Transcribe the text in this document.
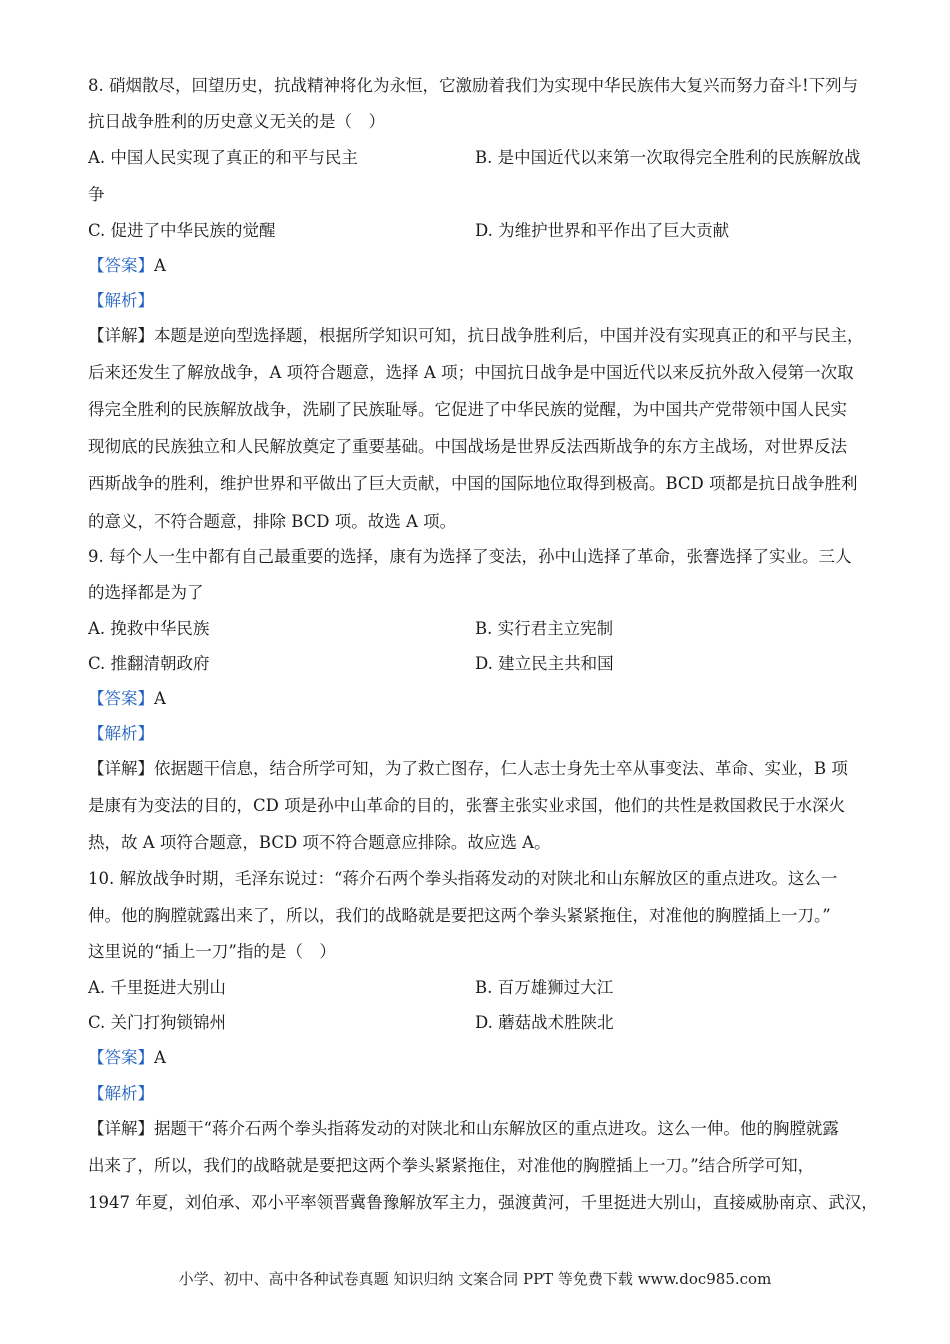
8. 硝烟散尽，回望历史，抗战精神将化为永恒，它激励着我们为实现中华民族伟大复兴而努力奋斗!下列与
抗日战争胜利的历史意义无关的是（　）
A. 中国人民实现了真正的和平与民主	B. 是中国近代以来第一次取得完全胜利的民族解放战
争
C. 促进了中华民族的觉醒	D. 为维护世界和平作出了巨大贡献
【答案】A
【解析】
【详解】本题是逆向型选择题，根据所学知识可知，抗日战争胜利后，中国并没有实现真正的和平与民主，
后来还发生了解放战争，A 项符合题意，选择 A 项；中国抗日战争是中国近代以来反抗外敌入侵第一次取
得完全胜利的民族解放战争，洗刷了民族耻辱。它促进了中华民族的觉醒，为中国共产党带领中国人民实
现彻底的民族独立和人民解放奠定了重要基础。中国战场是世界反法西斯战争的东方主战场，对世界反法
西斯战争的胜利，维护世界和平做出了巨大贡献，中国的国际地位取得到极高。BCD 项都是抗日战争胜利
的意义，不符合题意，排除 BCD 项。故选 A 项。
9. 每个人一生中都有自己最重要的选择，康有为选择了变法，孙中山选择了革命，张謇选择了实业。三人
的选择都是为了
A. 挽救中华民族	B. 实行君主立宪制
C. 推翻清朝政府	D. 建立民主共和国
【答案】A
【解析】
【详解】依据题干信息，结合所学可知，为了救亡图存，仁人志士身先士卒从事变法、革命、实业，B 项
是康有为变法的目的，CD 项是孙中山革命的目的，张謇主张实业求国，他们的共性是救国救民于水深火
热，故 A 项符合题意，BCD 项不符合题意应排除。故应选 A。
10. 解放战争时期，毛泽东说过：“蒋介石两个拳头指蒋发动的对陕北和山东解放区的重点进攻。这么一
伸。他的胸膛就露出来了，所以，我们的战略就是要把这两个拳头紧紧拖住，对准他的胸膛插上一刀。”
这里说的“插上一刀”指的是（　）
A. 千里挺进大别山	B. 百万雄狮过大江
C. 关门打狗锁锦州	D. 蘑菇战术胜陕北
【答案】A
【解析】
【详解】据题干“蒋介石两个拳头指蒋发动的对陕北和山东解放区的重点进攻。这么一伸。他的胸膛就露
出来了，所以，我们的战略就是要把这两个拳头紧紧拖住，对准他的胸膛插上一刀。”结合所学可知，
1947 年夏，刘伯承、邓小平率领晋冀鲁豫解放军主力，强渡黄河，千里挺进大别山，直接威胁南京、武汉，
小学、初中、高中各种试卷真题 知识归纳 文案合同 PPT 等免费下载 www.doc985.com
